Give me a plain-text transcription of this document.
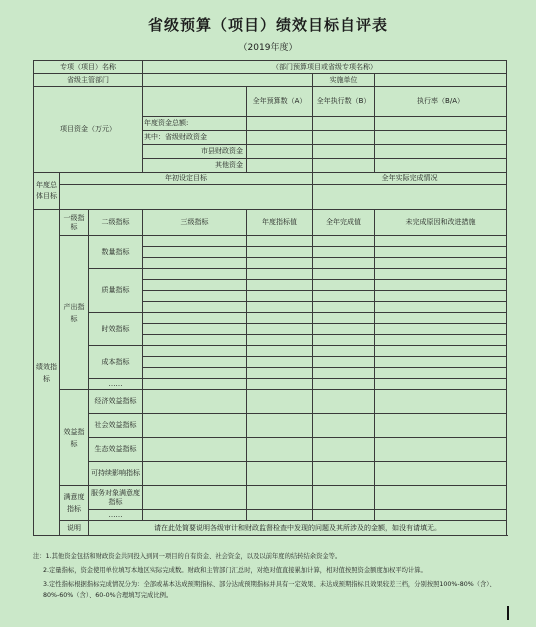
省级预算（项目）绩效目标自评表
（2019年度）
专项（项目）名称			（部门预算项目或省级专项名称）			
省级主管部门					实施单位	
项目资金（万元）				全年预算数（A）	全年执行数（B）	执行率（B/A）
			年度资金总额:			
			其中：省级财政资金			
			市县财政资金			
			其他资金			
年度总体目标	年初设定目标				全年实际完成情况	

绩效指标	一级指标	二级指标	三级指标	年度指标值	全年完成值	未完成原因和改进措施
	产出指标	数量指标				

		质量指标				

		时效指标				

		成本指标				

		……				
	效益指标	经济效益指标				
		社会效益指标				
		生态效益指标				
		可持续影响指标				
	满意度指标	服务对象满意度指标				
		……				
	说明	请在此处简要说明各级审计和财政监督检查中发现的问题及其所涉及的金额，如没有请填无。				

注：1.其他资金包括和财政资金共同投入到同一项目的自有资金、社会资金，以及以前年度的结转结余资金等。

2.定量指标，资金使用单位填写本地区实际完成数。财政和主管部门汇总时，对绝对值直接累加计算，相对值按照资金额度加权平均计算。

3.定性指标根据指标完成情况分为：全部或基本达成预期指标、部分达成预期指标并具有一定效果、未达成预期指标且效果较差三档，分别按照100%-80%（含）、80%-60%（含）、60-0%合理填写完成比例。
